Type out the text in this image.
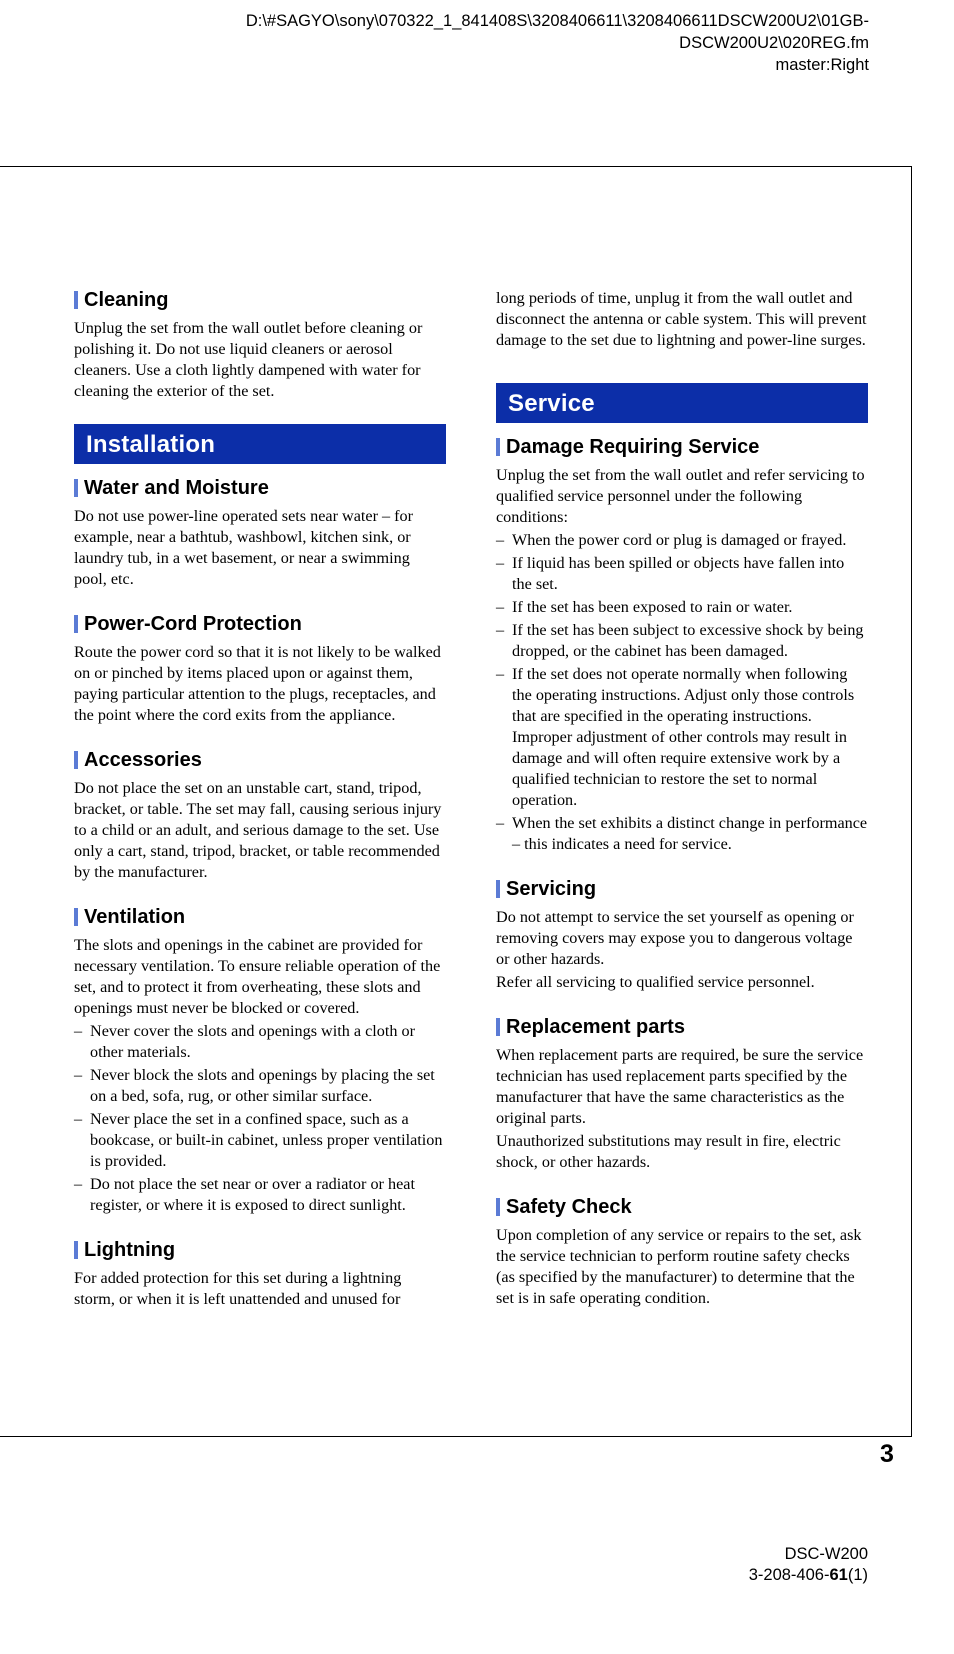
D:\#SAGYO\sony\070322_1_841408S\3208406611\3208406611DSCW200U2\01GB-
DSCW200U2\020REG.fm
master:Right
Cleaning

Unplug the set from the wall outlet before cleaning or polishing it. Do not use liquid cleaners or aerosol cleaners. Use a cloth lightly dampened with water for cleaning the exterior of the set.

Installation
Water and Moisture

Do not use power-line operated sets near water – for example, near a bathtub, washbowl, kitchen sink, or laundry tub, in a wet basement, or near a swimming pool, etc.

Power-Cord Protection

Route the power cord so that it is not likely to be walked on or pinched by items placed upon or against them, paying particular attention to the plugs, receptacles, and the point where the cord exits from the appliance.

Accessories

Do not place the set on an unstable cart, stand, tripod, bracket, or table. The set may fall, causing serious injury to a child or an adult, and serious damage to the set. Use only a cart, stand, tripod, bracket, or table recommended by the manufacturer.

Ventilation

The slots and openings in the cabinet are provided for necessary ventilation. To ensure reliable operation of the set, and to protect it from overheating, these slots and openings must never be blocked or covered.

– Never cover the slots and openings with a cloth or other materials.
– Never block the slots and openings by placing the set on a bed, sofa, rug, or other similar surface.
– Never place the set in a confined space, such as a bookcase, or built-in cabinet, unless proper ventilation is provided.
– Do not place the set near or over a radiator or heat register, or where it is exposed to direct sunlight.
Lightning

For added protection for this set during a lightning storm, or when it is left unattended and unused for

long periods of time, unplug it from the wall outlet and disconnect the antenna or cable system. This will prevent damage to the set due to lightning and power-line surges.

Service
Damage Requiring Service

Unplug the set from the wall outlet and refer servicing to qualified service personnel under the following conditions:

– When the power cord or plug is damaged or frayed.
– If liquid has been spilled or objects have fallen into the set.
– If the set has been exposed to rain or water.
– If the set has been subject to excessive shock by being dropped, or the cabinet has been damaged.
– If the set does not operate normally when following the operating instructions. Adjust only those controls that are specified in the operating instructions. Improper adjustment of other controls may result in damage and will often require extensive work by a qualified technician to restore the set to normal operation.
– When the set exhibits a distinct change in performance – this indicates a need for service.
Servicing

Do not attempt to service the set yourself as opening or removing covers may expose you to dangerous voltage or other hazards.

Refer all servicing to qualified service personnel.

Replacement parts

When replacement parts are required, be sure the service technician has used replacement parts specified by the manufacturer that have the same characteristics as the original parts.

Unauthorized substitutions may result in fire, electric shock, or other hazards.

Safety Check

Upon completion of any service or repairs to the set, ask the service technician to perform routine safety checks (as specified by the manufacturer) to determine that the set is in safe operating condition.

3
DSC-W200
3-208-406-61(1)
